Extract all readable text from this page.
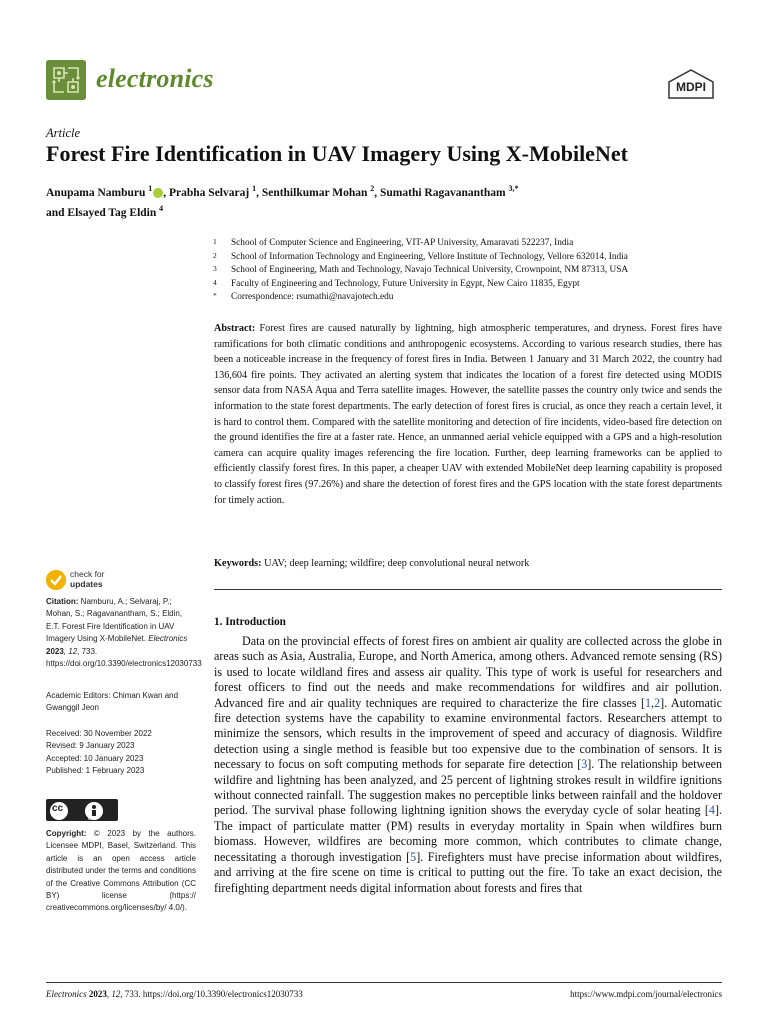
electronics	MDPI
Article
Forest Fire Identification in UAV Imagery Using X-MobileNet
Anupama Namburu $^1$ , Prabha Selvaraj $^1$, Senthilkumar Mohan $^2$, Sumathi Ragavanantham $^{3,*}$
and Elsayed Tag Eldin $^4$
1 School of Computer Science and Engineering, VIT-AP University, Amaravati 522237, India
2 School of Information Technology and Engineering, Vellore Institute of Technology, Vellore 632014, India
3 School of Engineering, Math and Technology, Navajo Technical University, Crownpoint, NM 87313, USA
4 Faculty of Engineering and Technology, Future University in Egypt, New Cairo 11835, Egypt
* Correspondence: rsumathi@navajotech.edu
Abstract: Forest fires are caused naturally by lightning, high atmospheric temperatures, and dryness. Forest fires have ramifications for both climatic conditions and anthropogenic ecosystems. According to various research studies, there has been a noticeable increase in the frequency of forest fires in India. Between 1 January and 31 March 2022, the country had 136,604 fire points. They activated an alerting system that indicates the location of a forest fire detected using MODIS sensor data from NASA Aqua and Terra satellite images. However, the satellite passes the country only twice and sends the information to the state forest departments. The early detection of forest fires is crucial, as once they reach a certain level, it is hard to control them. Compared with the satellite monitoring and detection of fire incidents, video-based fire detection on the ground identifies the fire at a faster rate. Hence, an unmanned aerial vehicle equipped with a GPS and a high-resolution camera can acquire quality images referencing the fire location. Further, deep learning frameworks can be applied to efficiently classify forest fires. In this paper, a cheaper UAV with extended MobileNet deep learning capability is proposed to classify forest fires (97.26%) and share the detection of forest fires and the GPS location with the state forest departments for timely action.
Keywords: UAV; deep learning; wildfire; deep convolutional neural network
check for
updates
Citation: Namburu, A.; Selvaraj, P.; Mohan, S.; Ragavanantham, S.; Eldin, E.T. Forest Fire Identification in UAV Imagery Using X-MobileNet. Electronics 2023, 12, 733. https://doi.org/10.3390/electronics12030733
Academic Editors: Chiman Kwan and Gwanggil Jeon
Received: 30 November 2022
Revised: 9 January 2023
Accepted: 10 January 2023
Published: 1 February 2023
cc
BY
Copyright: © 2023 by the authors. Licensee MDPI, Basel, Switzerland. This article is an open access article distributed under the terms and conditions of the Creative Commons Attribution (CC BY) license (https:// creativecommons.org/licenses/by/ 4.0/).
1. Introduction
Data on the provincial effects of forest fires on ambient air quality are collected across the globe in areas such as Asia, Australia, Europe, and North America, among others. Advanced remote sensing (RS) is used to locate wildland fires and assess air quality. This type of work is useful for researchers and forest officers to find out the needs and make recommendations for wildfires and air pollution. Advanced fire and air quality techniques are required to characterize the fire classes [1,2]. Automatic fire detection systems have the capability to examine environmental factors. Researchers attempt to minimize the sensors, which results in the improvement of speed and accuracy of diagnosis. Wildfire detection using a single method is feasible but too expensive due to the combination of sensors. It is necessary to focus on soft computing methods for separate fire detection [3]. The relationship between wildfire and lightning has been analyzed, and 25 percent of lightning strokes result in wildfire ignitions without connected rainfall. The suggestion makes no perceptible links between rainfall and the holdover period. The survival phase following lightning ignition shows the everyday cycle of solar heating [4]. The impact of particulate matter (PM) results in everyday mortality in Spain when wildfires burn biomass. However, wildfires are becoming more common, which contributes to climate change, necessitating a thorough investigation [5]. Firefighters must have precise information about wildfires, and arriving at the fire scene on time is critical to putting out the fire. To take an exact decision, the firefighting department needs digital information about forests and fires that
Electronics 2023, 12, 733. https://doi.org/10.3390/electronics12030733	https://www.mdpi.com/journal/electronics
